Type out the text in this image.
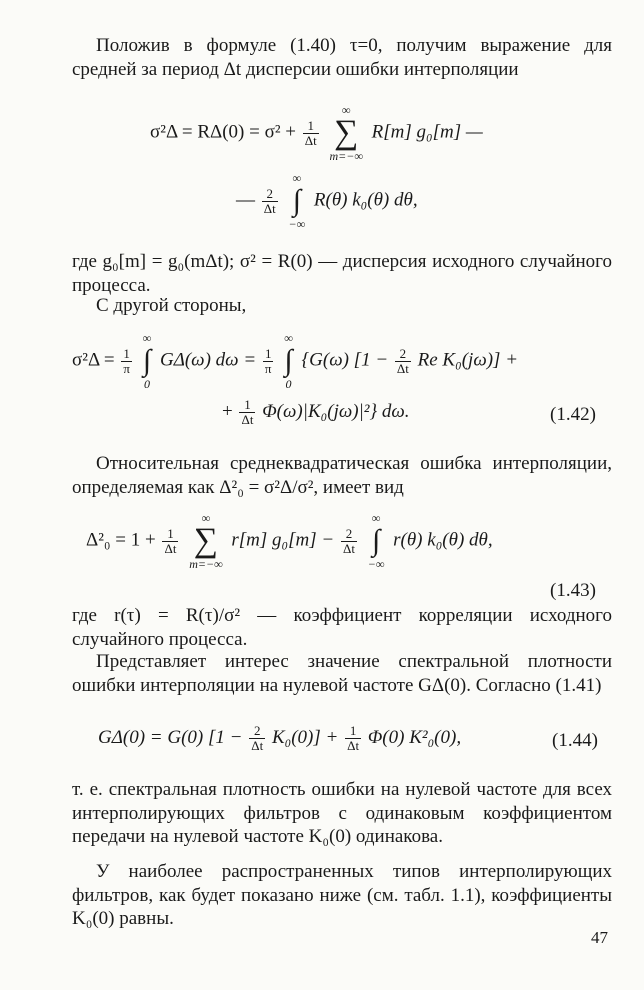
Положив в формуле (1.40) τ=0, получим выражение для средней за период Δt дисперсии ошибки интерполяции

$\sigma^2\Delta = R\Delta(0) = \sigma^2 + \frac{1}{\Delta t}$

∞
∑
m=−∞
R[m] g₀[m] —
— $\frac{2}{\Delta t}$

∞
∫
−∞
R(θ) k₀(θ) dθ,

где g₀[m] = g₀(mΔt); σ² = R(0) — дисперсия исходного случайного процесса.

С другой стороны,

$\sigma^2\Delta = \frac{1}{\pi}$

∞
∫
0
GΔ(ω) $d\omega = \frac{1}{\pi}$

∞
∫
0
{G(ω) [$1 - \frac{2}{\Delta t}$ Re K₀(jω)] +
+ $\frac{1}{\Delta t} \Phi(\omega)|K_0(j\omega)|^2$} dω.	(1.42)

Относительная среднеквадратическая ошибка интерполяции, определяемая как Δ²₀ = σ²Δ/σ², имеет вид

$\Delta^2_0 = 1 + \frac{1}{\Delta t}$

∞
∑
m=−∞
r[m] $g_0[m] - \frac{2}{\Delta t}$

∞
∫
−∞
r(θ) k₀(θ) dθ,
(1.43)

где r(τ) = R(τ)/σ² — коэффициент корреляции исходного случайного процесса.

Представляет интерес значение спектральной плотности ошибки интерполяции на нулевой частоте GΔ(0). Согласно (1.41)

GΔ(0) = G(0) $[1 - \frac{2}{\Delta t} K_0(0)] + \frac{1}{\Delta t} \Phi(0)$ K²₀(0),	(1.44)

т. е. спектральная плотность ошибки на нулевой частоте для всех интерполирующих фильтров с одинаковым коэффициентом передачи на нулевой частоте K₀(0) одинакова.

У наиболее распространенных типов интерполирующих фильтров, как будет показано ниже (см. табл. 1.1), коэффициенты K₀(0) равны.

47
